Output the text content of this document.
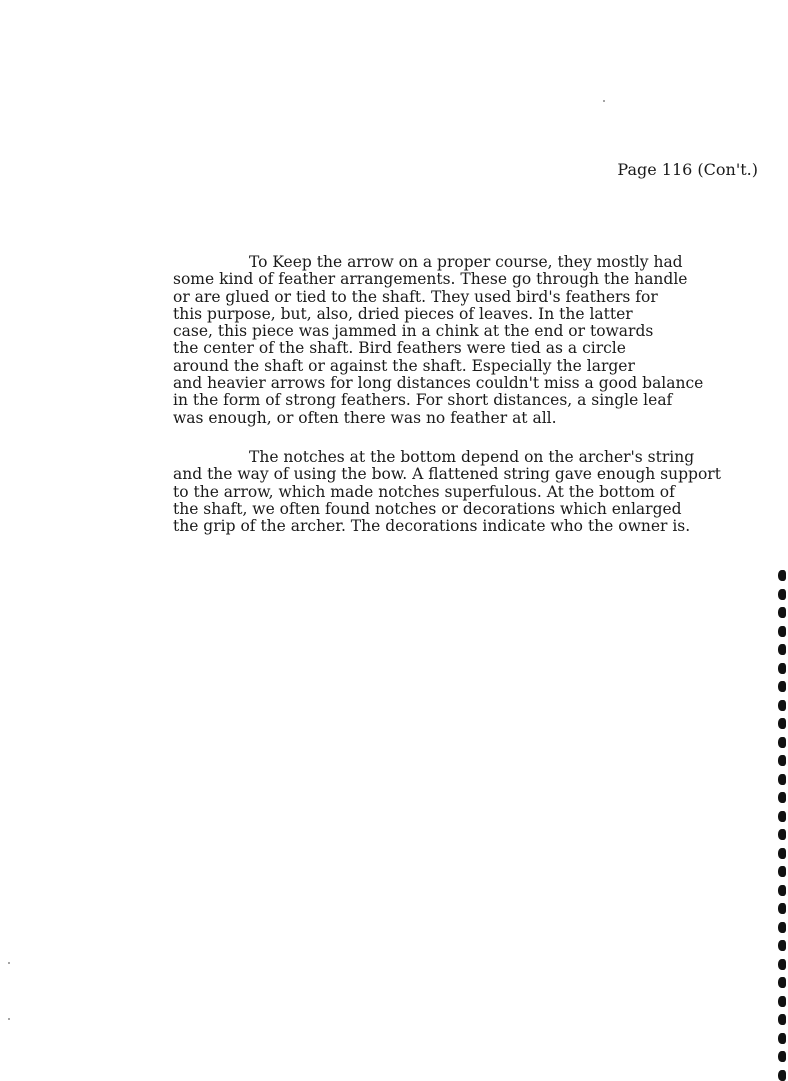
Page 116 (Con't.)

To Keep the arrow on a proper course, they mostly had
some kind of feather arrangements. These go through the handle
or are glued or tied to the shaft. They used bird's feathers for
this purpose, but, also, dried pieces of leaves. In the latter
case, this piece was jammed in a chink at the end or towards
the center of the shaft. Bird feathers were tied as a circle
around the shaft or against the shaft. Especially the larger
and heavier arrows for long distances couldn't miss a good balance
in the form of strong feathers. For short distances, a single leaf
was enough, or often there was no feather at all.

The notches at the bottom depend on the archer's string
and the way of using the bow. A flattened string gave enough support
to the arrow, which made notches superfulous. At the bottom of
the shaft, we often found notches or decorations which enlarged
the grip of the archer. The decorations indicate who the owner is.
